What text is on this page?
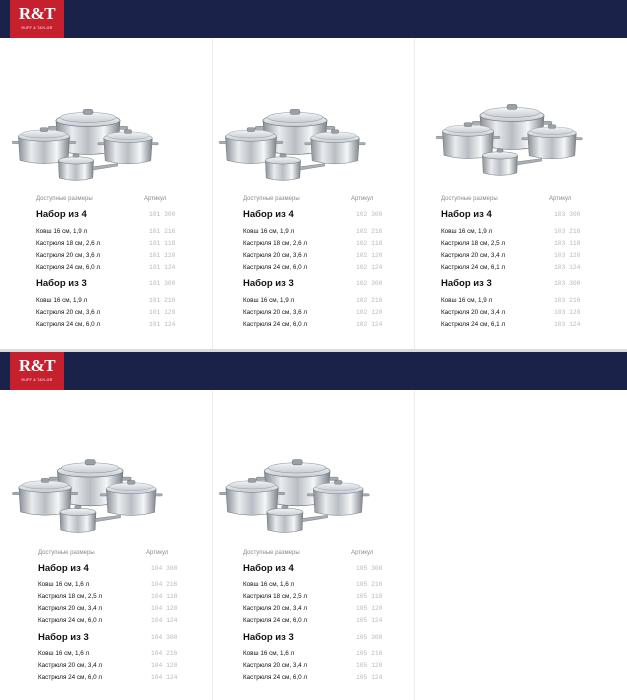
R&T
RUFF & TAYLOR
Доступные размеры	Артикул
Набор из 4	101 300
Ковш 16 см, 1,9 л	101 216
Кастрюля 18 см, 2,6 л	101 118
Кастрюля 20 см, 3,6 л	101 120
Кастрюля 24 см, 6,0 л	101 124
Набор из 3	101 300
Ковш 16 см, 1,9 л	101 216
Кастрюля 20 см, 3,6 л	101 120
Кастрюля 24 см, 6,0 л	101 124
Доступные размеры	Артикул
Набор из 4	102 300
Ковш 16 см, 1,9 л	102 216
Кастрюля 18 см, 2,6 л	102 118
Кастрюля 20 см, 3,6 л	102 120
Кастрюля 24 см, 6,0 л	102 124
Набор из 3	102 300
Ковш 16 см, 1,9 л	102 216
Кастрюля 20 см, 3,6 л	102 120
Кастрюля 24 см, 6,0 л	102 124
Доступные размеры	Артикул
Набор из 4	103 300
Ковш 16 см, 1,9 л	103 216
Кастрюля 18 см, 2,5 л	103 118
Кастрюля 20 см, 3,4 л	103 120
Кастрюля 24 см, 6,1 л	103 124
Набор из 3	103 300
Ковш 16 см, 1,9 л	103 216
Кастрюля 20 см, 3,4 л	103 120
Кастрюля 24 см, 6,1 л	103 124
R&T
RUFF & TAYLOR
Доступные размеры	Артикул
Набор из 4	104 300
Ковш 16 см, 1,6 л	104 216
Кастрюля 18 см, 2,5 л	104 118
Кастрюля 20 см, 3,4 л	104 120
Кастрюля 24 см, 6,0 л	104 124
Набор из 3	104 300
Ковш 16 см, 1,6 л	104 216
Кастрюля 20 см, 3,4 л	104 120
Кастрюля 24 см, 6,0 л	104 124
Доступные размеры	Артикул
Набор из 4	105 300
Ковш 16 см, 1,6 л	105 216
Кастрюля 18 см, 2,5 л	105 118
Кастрюля 20 см, 3,4 л	105 120
Кастрюля 24 см, 6,0 л	105 124
Набор из 3	105 300
Ковш 16 см, 1,6 л	105 216
Кастрюля 20 см, 3,4 л	105 120
Кастрюля 24 см, 6,0 л	105 124
